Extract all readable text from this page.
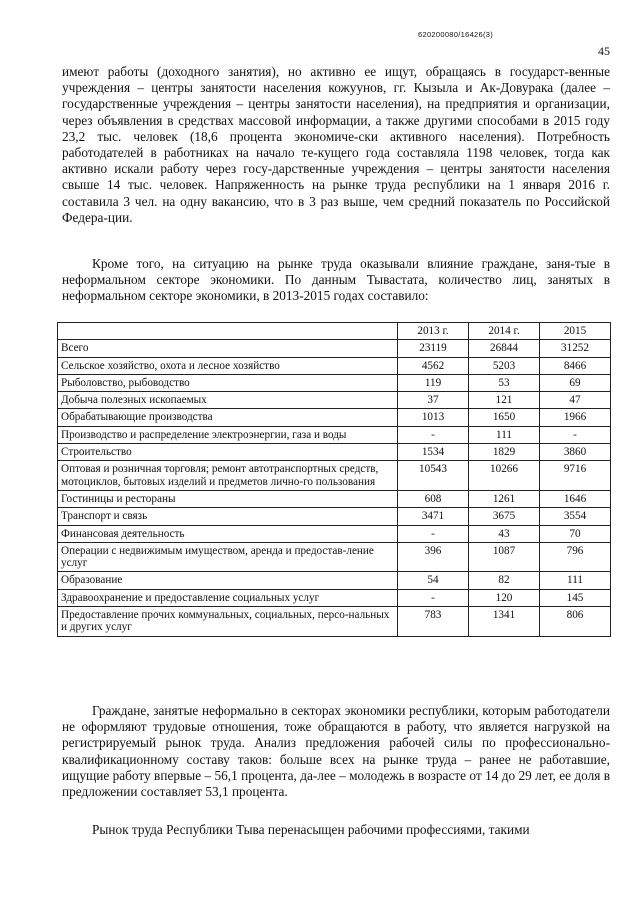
620200080/16426(3)
45

имеют работы (доходного занятия), но активно ее ищут, обращаясь в государст-венные учреждения – центры занятости населения кожуунов, гг. Кызыла и Ак-Довурака (далее – государственные учреждения – центры занятости населения), на предприятия и организации, через объявления в средствах массовой информации, а также другими способами в 2015 году 23,2 тыс. человек (18,6 процента экономиче-ски активного населения). Потребность работодателей в работниках на начало те-кущего года составляла 1198 человек, тогда как активно искали работу через госу-дарственные учреждения – центры занятости населения свыше 14 тыс. человек. Напряженность на рынке труда республики на 1 января 2016 г. составила 3 чел. на одну вакансию, что в 3 раз выше, чем средний показатель по Российской Федера-ции.

Кроме того, на ситуацию на рынке труда оказывали влияние граждане, заня-тые в неформальном секторе экономики. По данным Тывастата, количество лиц, занятых в неформальном секторе экономики, в 2013-2015 годах составило:

	2013 г.	2014 г.	2015
Всего	23119	26844	31252
Сельское хозяйство, охота и лесное хозяйство	4562	5203	8466
Рыболовство, рыбоводство	119	53	69
Добыча полезных ископаемых	37	121	47
Обрабатывающие производства	1013	1650	1966
Производство и распределение электроэнергии, газа и воды	-	111	-
Строительство	1534	1829	3860
Оптовая и розничная торговля; ремонт автотранспортных средств, мотоциклов, бытовых изделий и предметов лично-го пользования	10543	10266	9716
Гостиницы и рестораны	608	1261	1646
Транспорт и связь	3471	3675	3554
Финансовая деятельность	-	43	70
Операции с недвижимым имуществом, аренда и предостав-ление услуг	396	1087	796
Образование	54	82	111
Здравоохранение и предоставление социальных услуг	-	120	145
Предоставление прочих коммунальных, социальных, персо-нальных и других услуг	783	1341	806

Граждане, занятые неформально в секторах экономики республики, которым работодатели не оформляют трудовые отношения, тоже обращаются в работу, что является нагрузкой на регистрируемый рынок труда. Анализ предложения рабочей силы по профессионально-квалификационному составу таков: больше всех на рынке труда – ранее не работавшие, ищущие работу впервые – 56,1 процента, да-лее – молодежь в возрасте от 14 до 29 лет, ее доля в предложении составляет 53,1 процента.

Рынок труда Республики Тыва перенасыщен рабочими профессиями, такими
